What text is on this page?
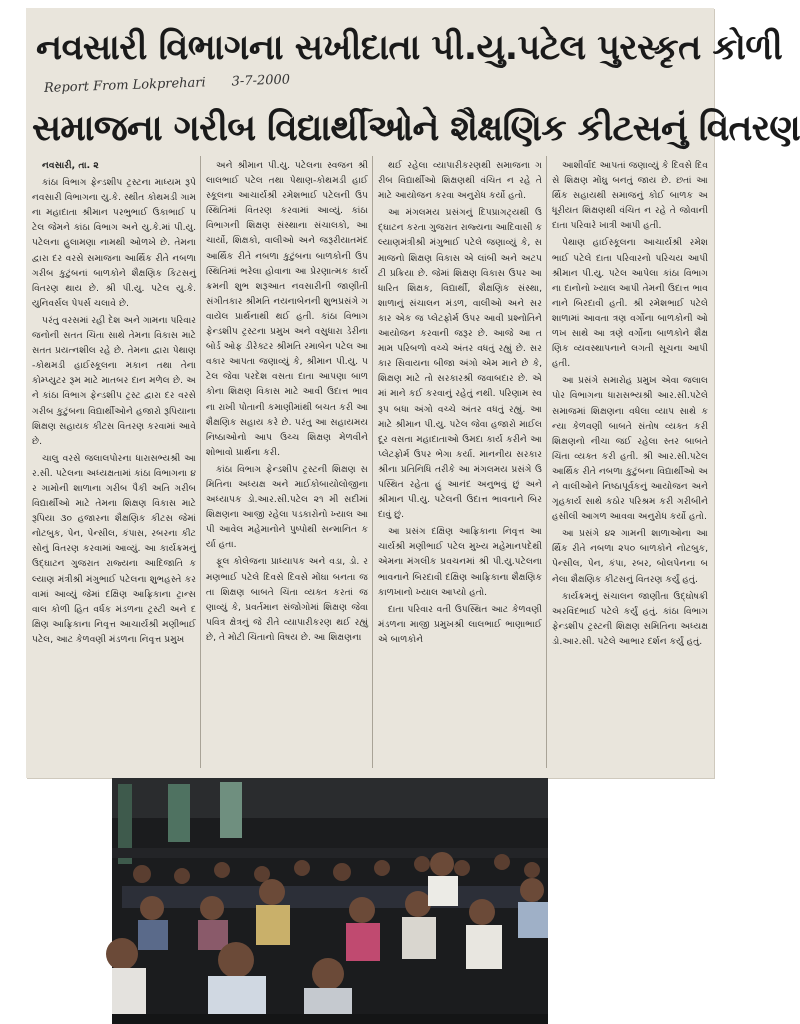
નવસારી વિભાગના સખીદાતા પી.યુ.પટેલ પુરસ્કૃત કોળી
Report From Lokprehari 3-7-2000
સમાજના ગરીબ વિદ્યાર્થીઓને શૈક્ષણિક કીટસનું વિતરણ

નવસારી, તા. ૨

કાંઠા વિભાગ ફેન્ડશીપ ટ્રસ્ટના માધ્યમ રૂપે નવસારી વિભાગના યુ.કે. સ્થીત કોથમડી ગામના મહાદાતા શ્રીમાન પરભુભાઈ ઉકાભાઈ પટેલ જેમને કાંઠા વિભાગ અને યુ.કે.માં પી.યુ. પટેલના હુલામણા નામથી ઓળખે છે. તેમના દ્વારા દર વરસે સમાજના આર્થિક રીતે નબળા ગરીબ કુટુંબનાં બાળકોને શૈક્ષણિક કિટસનું વિતરણ થાય છે. શ્રી પી.યુ. પટેલ યુ.કે. યુનિવર્સલ પેપર્સ ચલાવે છે.

પરંતુ વરસમાં રહી દેશ અને ગામના પરિવારજનોની સતત ચિંતા સાથે તેમના વિકાસ માટે સતત પ્રયત્નશીલ રહે છે. તેમના દ્વારા પેથાણ-કોથમડી હાઈસ્કૂલના મકાન તથા તેના કોમ્પ્યુટર રૂમ માટે માતબર દાન મળેલ છે. અને કાંઠા વિભાગ ફેન્ડશીપ ટ્રસ્ટ દ્વારા દર વરસે ગરીબ કુટુંબના વિદ્યાર્થીઓને હજારો રૂપિયાના શિક્ષણ સહાયક કીટસ વિતરણ કરવામાં આવે છે.

ચાલુ વરસે જલાલપોરના ધારાસભ્યશ્રી આર.સી. પટેલના અધ્યક્ષતામાં કાંઠા વિભાગના ૪ર ગામોની શાળાના ગરીબ પૈકી અતિ ગરીબ વિદ્યાર્થીઓ માટે તેમના શિક્ષણ વિકાસ માટે રૂપિયા ૩૦ હજારના શૈક્ષણિક કીટસ જેમાં નોટબુક, પેન, પેન્સીલ, કંપાસ, રબરના કીટસોનું વિતરણ કરવામાં આવ્યું. આ કાર્યક્રમનું ઉદ્ઘાટન ગુજરાત રાજ્યના આદિજાતિ કલ્યાણ મંત્રીશ્રી મંગુભાઈ પટેલના શુભહસ્તે કરવામાં આવ્યું જેમાં દક્ષિણ આફ્રિકાના ટ્રાન્સવાલ કોળી હિત વર્ધક મંડળના ટ્રસ્ટી અને દક્ષિણ આફ્રિકાના નિવૃત્ત આચાર્યશ્રી મણીભાઈ પટેલ, આટ કેળવણી મંડળના નિવૃત્ત પ્રમુખ

અને શ્રીમાન પી.યુ. પટેલના સ્વજન શ્રી લાલભાઈ પટેલ તથા પેથાણ-કોથમડી હાઈસ્કૂલના આચાર્યશ્રી રમેશભાઈ પટેલની ઉપસ્થિતિમાં વિતરણ કરવામાં આવ્યું. કાંઠા વિભાગની શિક્ષણ સંસ્થાના સંચાલકો, આચાર્યો, શિક્ષકો, વાલીઓ અને જરૂરીયાતમંદ આર્થિક રીતે નબળા કુટુંબના બાળકોની ઉપસ્થિતિમાં ભરેલા હોવાના આ પ્રેરણાત્મક કાર્યક્રમની શુભ શરૂઆત નવસારીની જાણીતી સંગીતકાર શ્રીમતિ નયનાબેનની શુભપ્રસંગે ગવાયેલ પ્રાર્થનાથી થઈ હતી. કાંઠા વિભાગ ફેન્ડશીપ ટ્રસ્ટના પ્રમુખ અને વસુધારા ડેરીના બોર્ડ ઓફ ડીરેક્ટર શ્રીમતિ રમાબેન પટેલ આવકાર આપતા જણાવ્યું કે, શ્રીમાન પી.યુ. પટેલ જેવા પરદેશ વસતા દાતા આપણા બાળકોના શિક્ષણ વિકાસ માટે આવી ઉદાત્ત ભાવના રાખી પોતાની કમાણીમાંથી બચત કરી આ શૈક્ષણિક સહાય કરે છે. પરંતુ આ સહાયમય નિષ્ઠાઓનો આપ ઉચ્ચ શિક્ષણ મેળવીને શોભાવો પ્રાર્થના કરી.

કાંઠા વિભાગ ફેન્ડશીપ ટ્રસ્ટની શિક્ષણ સમિતિના અધ્યક્ષ અને માઈકોબાયોલોજીના અધ્યાપક ડો.આર.સી.પટેલ ૨૧ મી સદીમાં શિક્ષણના આજી રહેલા પડકારોનો ખ્યાલ આપી આવેલ મહેમાનોને પુષ્પોથી સન્માનિત કર્યા હતા.

ફૂલ કોલેજના પ્રાધ્યાપક અને વડા, ડો. રમણભાઈ પટેલે દિવસે દિવસે મોંઘા બનતા જતા શિક્ષણ બાબતે ચિંતા વ્યક્ત કરતાં જણાવ્યું કે, પ્રવર્તમાન સંજોગોમાં શિક્ષણ જેવા પવિત્ર ક્ષેત્રનું જે રીતે વ્યાપારીકરણ થઈ રહ્યું છે, તે મોટી ચિંતાનો વિષય છે. આ શિક્ષણના

થઈ રહેલા વ્યાપારીકરણથી સમાજના ગરીબ વિદ્યાર્થીઓ શિક્ષણથી વંચિત ન રહે તે માટે આયોજન કરવા અનુરોધ કર્યો હતો.

આ મંગલમય પ્રસંગનું દિપપ્રાગટ્યથી ઉદ્ઘાટન કરતા ગુજરાત રાજ્યના આદિવાસી કલ્યાણમંત્રીશ્રી મંગુભાઈ પટેલે જણાવ્યું કે, સમાજનો શિક્ષણ વિકાસ એ લાંબી અને અટપટી પ્રક્રિયા છે. જેમાં શિક્ષણ વિકાસ ઉપર આધારિત શિક્ષક, વિદ્યાર્થી, શૈક્ષણિક સંસ્થા, શાળાનું સંચાલન મંડળ, વાલીઓ અને સરકાર એક જ પ્લેટફોર્મ ઉપર આવી પ્રશ્નોતિને આયોજન કરવાની જરૂર છે. આજે આ તમામ પરિબળો વચ્ચે અંતર વધતું રહ્યું છે. સરકાર સિવાયના બીજા અંગો એમ માને છે કે, શિક્ષણ માટે તો સરકારશ્રી જવાબદાર છે. એમાં માને કઈ કરવાનું રહેતું નથી. પરિણામ સ્વરૂપ બધા અંગો વચ્ચે અંતર વધતું રહ્યું. આ માટે શ્રીમાન પી.યુ. પટેલ જેવા હજારો માઈલ દૂર વસતા મહાદાતાઓ ઉમદા કાર્ય કરીને આ પ્લેટફોર્મ ઉપર ભેગા કર્યા. માનનીય સરકારશ્રીના પ્રતિનિધિ તરીકે આ મંગલમય પ્રસંગે ઉપસ્થિત રહેતા હું આનંદ અનુભવું છું અને શ્રીમાન પી.યુ. પટેલની ઉદાત્ત ભાવનાને બિરદાવું છું.

આ પ્રસંગ દક્ષિણ આફ્રિકાના નિવૃત્ત આચાર્યશ્રી મણીભાઈ પટેલ મુખ્ય મહેમાનપદેથી એમના મંગલીક પ્રવચનમાં શ્રી પી.યુ.પટેલના ભાવનાને બિરદાવી દક્ષિણ આફ્રિકાના શૈક્ષણિક કાળખાનો ખ્યાલ આપ્યો હતો.

દાતા પરિવાર વતી ઉપસ્થિત આટ કેળવણી મંડળના માજી પ્રમુખશ્રી લાલભાઈ ભાણાભાઈએ બાળકોને

આશીર્વાદ આપતાં જણાવ્યું કે દિવસે દિવસે શિક્ષણ મોંઘુ બનતું જાય છે. છતાં આર્થિક સહાયથી સમાજનું કોઈ બાળક અધૂરીયત શિક્ષણથી વંચિત ન રહે તે જોવાની દાતા પરિવારે ખાત્રી આપી હતી.

પેથાણ હાઈસ્કૂલના આચાર્યશ્રી રમેશભાઈ પટેલે દાતા પરિવારનો પરિચય આપી શ્રીમાન પી.યુ. પટેલ આપેલા કાંઠા વિભાગના દાનોનો ખ્યાલ આપી તેમની ઉદાત્ત ભાવનાને બિરદાવી હતી. શ્રી રમેશભાઈ પટેલે શાળામાં આવતા ત્રણ વર્ગોના બાળકોની ઓળખ સાથે આ ત્રણે વર્ગોના બાળકોને શૈક્ષણિક વ્યવસ્થાપનાને લગતી સૂચના આપી હતી.

આ પ્રસંગે સમારોહ પ્રમુખ એવા જલાલપોર વિભાગના ધારાસભ્યશ્રી આર.સી.પટેલે સમાજમાં શિક્ષણના વધેલા વ્યાપ સાથે કન્યા કેળવણી બાબતે સંતોષ વ્યક્ત કરી શિક્ષણનો નીચા જઈ રહેલા સ્તર બાબતે ચિંતા વ્યક્ત કરી હતી. શ્રી આર.સી.પટેલ આર્થિક રીતે નબળા કુટુંબના વિદ્યાર્થીઓ અને વાલીઓને નિષ્ઠાપૂર્વકનું આયોજન અને ગૃહકાર્ય સાથે કઠોર પરિશ્રમ કરી ગરીબીને હસીલી આગળ આવવા અનુરોધ કર્યો હતો.

આ પ્રસંગે ૪૨ ગામની શાળાઓના આર્થિક રીતે નબળા ૨૫૦ બાળકોને નોટબુક, પેન્સીલ, પેન, કંપા, રબર, બોલપેનના બનેલા શૈક્ષણિક કીટસનું વિતરણ કર્યું હતું.

કાર્યક્રમનું સંચાલન જાણીતા ઉદ્ઘોષક્રી અરવિંદભાઈ પટેલે કર્યું હતું. કાંઠા વિભાગ ફેન્ડશીપ ટ્રસ્ટની શિક્ષણ સમિતિના અધ્યક્ષ ડો.આર.સી. પટેલે આભાર દર્શન કર્યું હતું.
